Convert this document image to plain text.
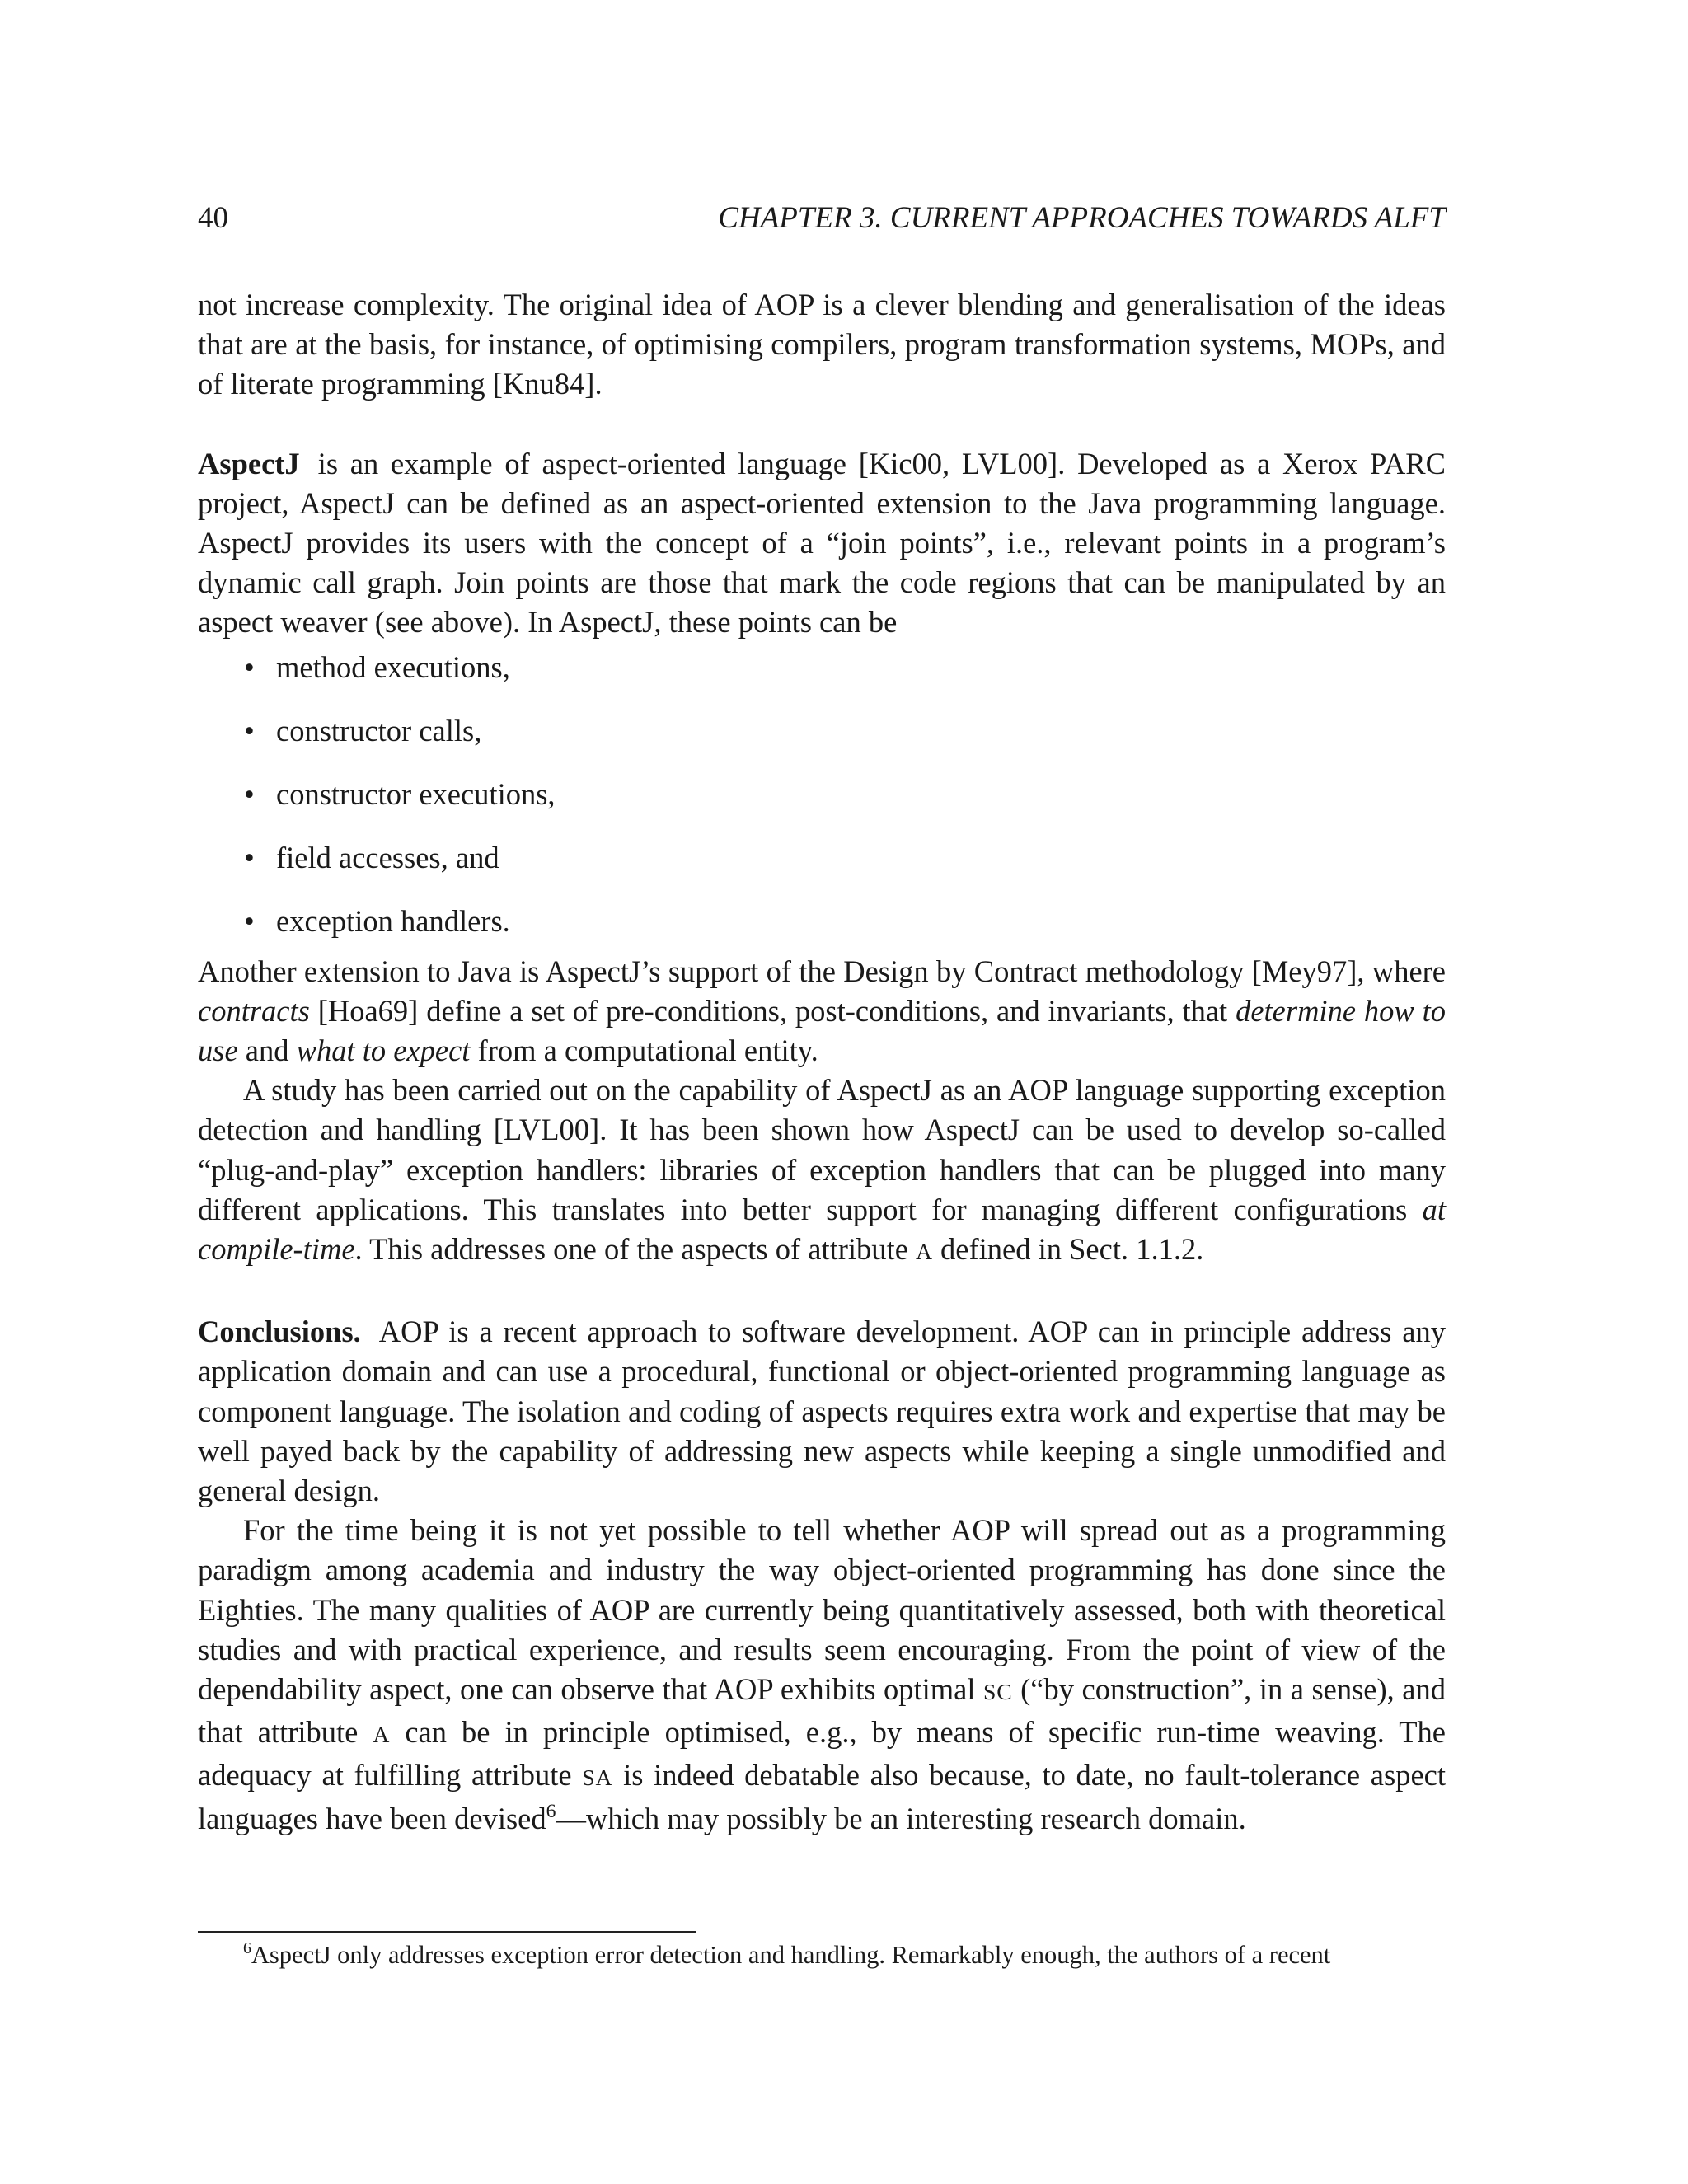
40	CHAPTER 3. CURRENT APPROACHES TOWARDS ALFT

not increase complexity. The original idea of AOP is a clever blending and generalisation of the ideas that are at the basis, for instance, of optimising compilers, program transformation systems, MOPs, and of literate programming [Knu84].

AspectJ is an example of aspect-oriented language [Kic00, LVL00]. Developed as a Xerox PARC project, AspectJ can be defined as an aspect-oriented extension to the Java programming language. AspectJ provides its users with the concept of a “join points”, i.e., relevant points in a program’s dynamic call graph. Join points are those that mark the code regions that can be manipulated by an aspect weaver (see above). In AspectJ, these points can be

• method executions,
• constructor calls,
• constructor executions,
• field accesses, and
• exception handlers.

Another extension to Java is AspectJ’s support of the Design by Contract methodology [Mey97], where contracts [Hoa69] define a set of pre-conditions, post-conditions, and invariants, that determine how to use and what to expect from a computational entity.

A study has been carried out on the capability of AspectJ as an AOP language supporting exception detection and handling [LVL00]. It has been shown how AspectJ can be used to develop so-called “plug-and-play” exception handlers: libraries of exception handlers that can be plugged into many different applications. This translates into better support for managing different configurations at compile-time. This addresses one of the aspects of attribute A defined in Sect. 1.1.2.

Conclusions. AOP is a recent approach to software development. AOP can in principle address any application domain and can use a procedural, functional or object-oriented programming language as component language. The isolation and coding of aspects requires extra work and expertise that may be well payed back by the capability of addressing new aspects while keeping a single unmodified and general design.

For the time being it is not yet possible to tell whether AOP will spread out as a programming paradigm among academia and industry the way object-oriented programming has done since the Eighties. The many qualities of AOP are currently being quantitatively assessed, both with theoretical studies and with practical experience, and results seem encouraging. From the point of view of the dependability aspect, one can observe that AOP exhibits optimal SC (“by construction”, in a sense), and that attribute A can be in principle optimised, e.g., by means of specific run-time weaving. The adequacy at fulfilling attribute SA is indeed debatable also because, to date, no fault-tolerance aspect languages have been devised$^6$—which may possibly be an interesting research domain.

$^6$AspectJ only addresses exception error detection and handling. Remarkably enough, the authors of a recent
